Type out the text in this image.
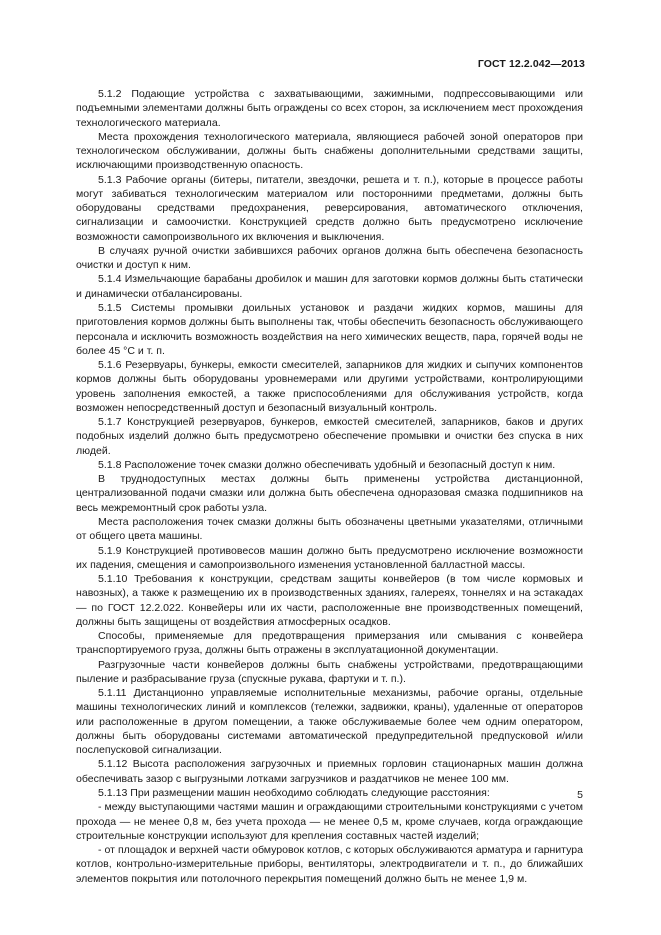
ГОСТ 12.2.042—2013

5.1.2 Подающие устройства с захватывающими, зажимными, подпрессовывающими или подъемными элементами должны быть ограждены со всех сторон, за исключением мест прохождения технологического материала.

Места прохождения технологического материала, являющиеся рабочей зоной операторов при технологическом обслуживании, должны быть снабжены дополнительными средствами защиты, исключающими производственную опасность.

5.1.3 Рабочие органы (битеры, питатели, звездочки, решета и т. п.), которые в процессе работы могут забиваться технологическим материалом или посторонними предметами, должны быть оборудованы средствами предохранения, реверсирования, автоматического отключения, сигнализации и самоочистки. Конструкцией средств должно быть предусмотрено исключение возможности самопроизвольного их включения и выключения.

В случаях ручной очистки забившихся рабочих органов должна быть обеспечена безопасность очистки и доступ к ним.

5.1.4 Измельчающие барабаны дробилок и машин для заготовки кормов должны быть статически и динамически отбалансированы.

5.1.5 Системы промывки доильных установок и раздачи жидких кормов, машины для приготовления кормов должны быть выполнены так, чтобы обеспечить безопасность обслуживающего персонала и исключить возможность воздействия на него химических веществ, пара, горячей воды не более 45 °С и т. п.

5.1.6 Резервуары, бункеры, емкости смесителей, запарников для жидких и сыпучих компонентов кормов должны быть оборудованы уровнемерами или другими устройствами, контролирующими уровень заполнения емкостей, а также приспособлениями для обслуживания устройств, когда возможен непосредственный доступ и безопасный визуальный контроль.

5.1.7 Конструкцией резервуаров, бункеров, емкостей смесителей, запарников, баков и других подобных изделий должно быть предусмотрено обеспечение промывки и очистки без спуска в них людей.

5.1.8 Расположение точек смазки должно обеспечивать удобный и безопасный доступ к ним.

В труднодоступных местах должны быть применены устройства дистанционной, централизованной подачи смазки или должна быть обеспечена одноразовая смазка подшипников на весь межремонтный срок работы узла.

Места расположения точек смазки должны быть обозначены цветными указателями, отличными от общего цвета машины.

5.1.9 Конструкцией противовесов машин должно быть предусмотрено исключение возможности их падения, смещения и самопроизвольного изменения установленной балластной массы.

5.1.10 Требования к конструкции, средствам защиты конвейеров (в том числе кормовых и навозных), а также к размещению их в производственных зданиях, галереях, тоннелях и на эстакадах — по ГОСТ 12.2.022. Конвейеры или их части, расположенные вне производственных помещений, должны быть защищены от воздействия атмосферных осадков.

Способы, применяемые для предотвращения примерзания или смывания с конвейера транспортируемого груза, должны быть отражены в эксплуатационной документации.

Разгрузочные части конвейеров должны быть снабжены устройствами, предотвращающими пыление и разбрасывание груза (спускные рукава, фартуки и т. п.).

5.1.11 Дистанционно управляемые исполнительные механизмы, рабочие органы, отдельные машины технологических линий и комплексов (тележки, задвижки, краны), удаленные от операторов или расположенные в другом помещении, а также обслуживаемые более чем одним оператором, должны быть оборудованы системами автоматической предупредительной предпусковой и/или послепусковой сигнализации.

5.1.12 Высота расположения загрузочных и приемных горловин стационарных машин должна обеспечивать зазор с выгрузными лотками загрузчиков и раздатчиков не менее 100 мм.

5.1.13 При размещении машин необходимо соблюдать следующие расстояния:

- между выступающими частями машин и ограждающими строительными конструкциями с учетом прохода — не менее 0,8 м, без учета прохода — не менее 0,5 м, кроме случаев, когда ограждающие строительные конструкции используют для крепления составных частей изделий;

- от площадок и верхней части обмуровок котлов, с которых обслуживаются арматура и гарнитура котлов, контрольно-измерительные приборы, вентиляторы, электродвигатели и т. п., до ближайших элементов покрытия или потолочного перекрытия помещений должно быть не менее 1,9 м.

5
